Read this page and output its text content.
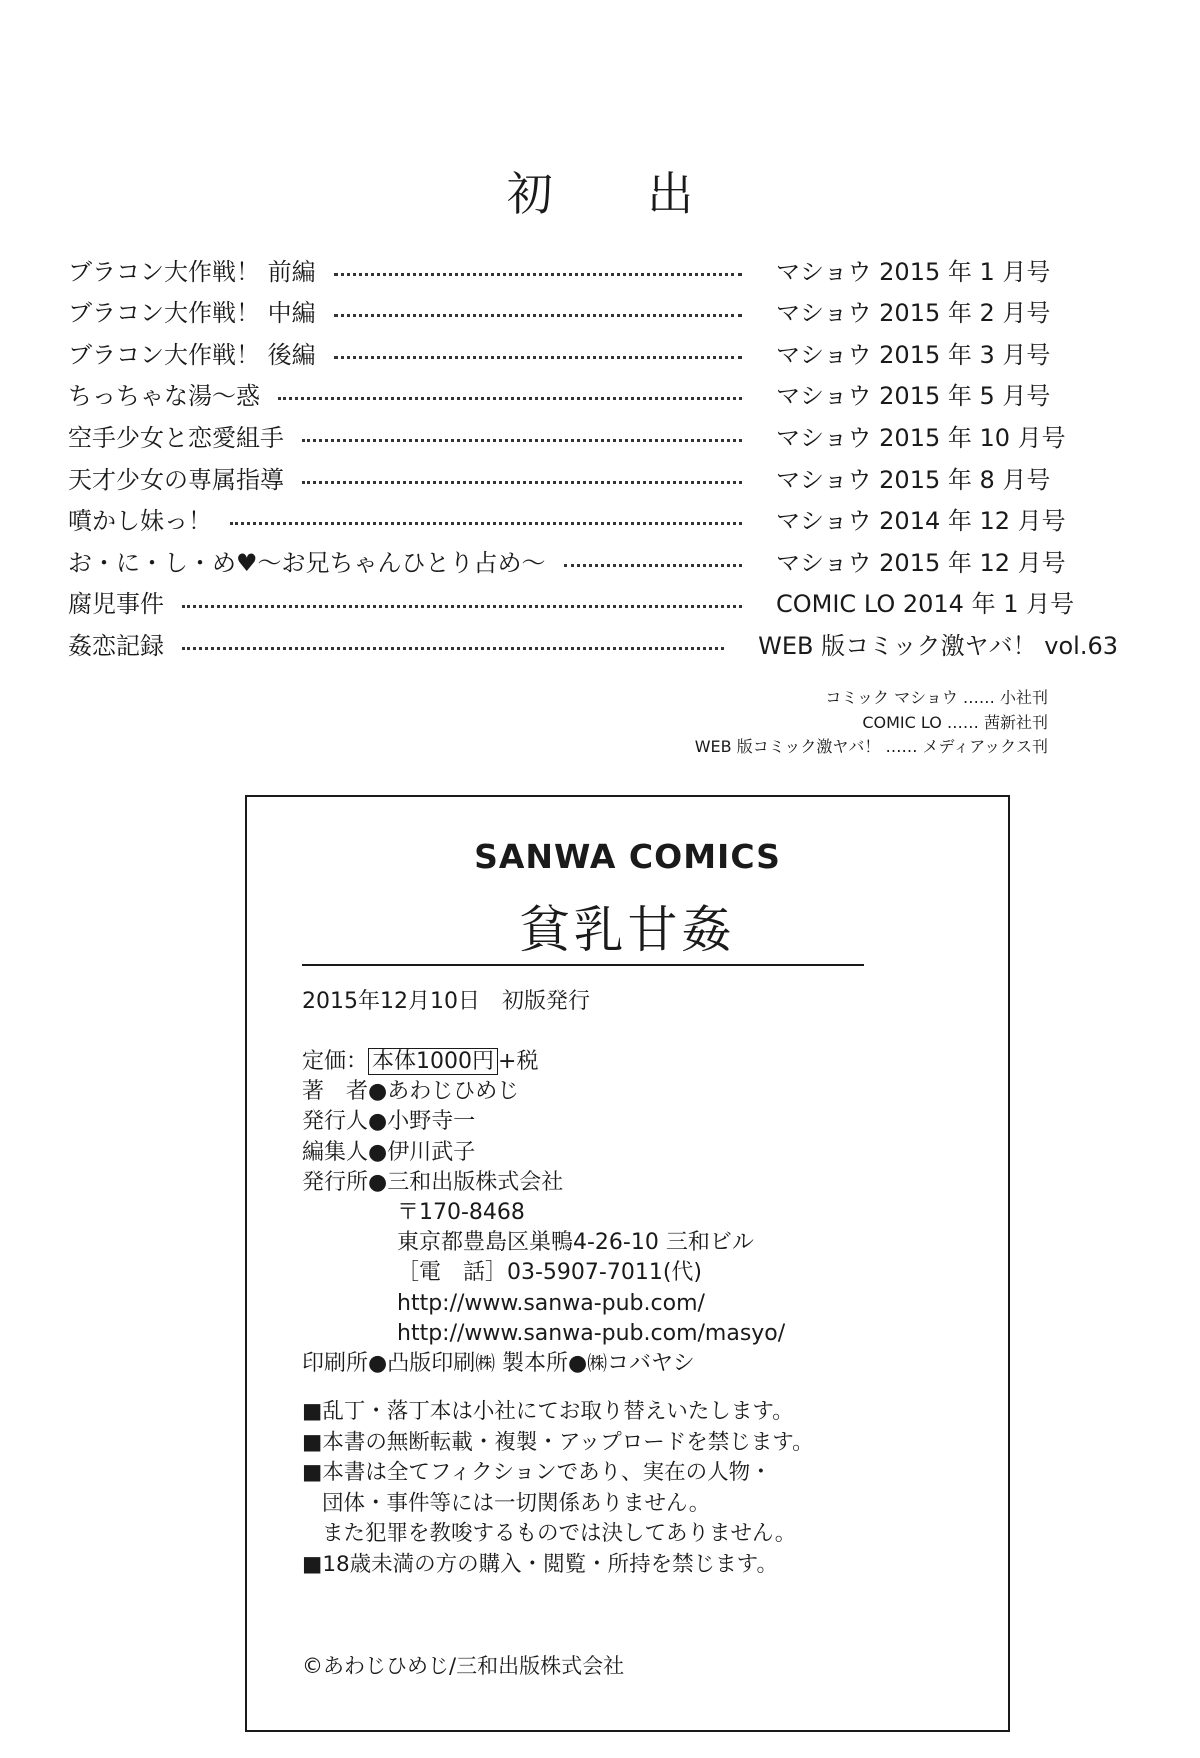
初 出
ブラコン大作戦！ 前編	マショウ 2015 年 1 月号
ブラコン大作戦！ 中編	マショウ 2015 年 2 月号
ブラコン大作戦！ 後編	マショウ 2015 年 3 月号
ちっちゃな湯～惑	マショウ 2015 年 5 月号
空手少女と恋愛組手	マショウ 2015 年 10 月号
天才少女の専属指導	マショウ 2015 年 8 月号
噴かし妹っ！	マショウ 2014 年 12 月号
お・に・し・め♥～お兄ちゃんひとり占め～	マショウ 2015 年 12 月号
腐児事件	COMIC LO 2014 年 1 月号
姦恋記録	WEB 版コミック激ヤバ！ vol.63
コミック マショウ …… 小社刊
COMIC LO …… 茜新社刊
WEB 版コミック激ヤバ！ …… メディアックス刊
SANWA COMICS
貧乳甘姦
2015年12月10日　初版発行
定価： 本体1000円 +税
著　者●あわじひめじ
発行人●小野寺一
編集人●伊川武子
発行所●三和出版株式会社
〒170-8468
東京都豊島区巣鴨4-26-10 三和ビル
［電　話］03-5907-7011(代)
http://www.sanwa-pub.com/
http://www.sanwa-pub.com/masyo/
印刷所●凸版印刷㈱ 製本所●㈱コバヤシ
■乱丁・落丁本は小社にてお取り替えいたします。
■本書の無断転載・複製・アップロードを禁じます。
■本書は全てフィクションであり、実在の人物・
団体・事件等には一切関係ありません。
また犯罪を教唆するものでは決してありません。
■18歳未満の方の購入・閲覧・所持を禁じます。
©あわじひめじ/三和出版株式会社
